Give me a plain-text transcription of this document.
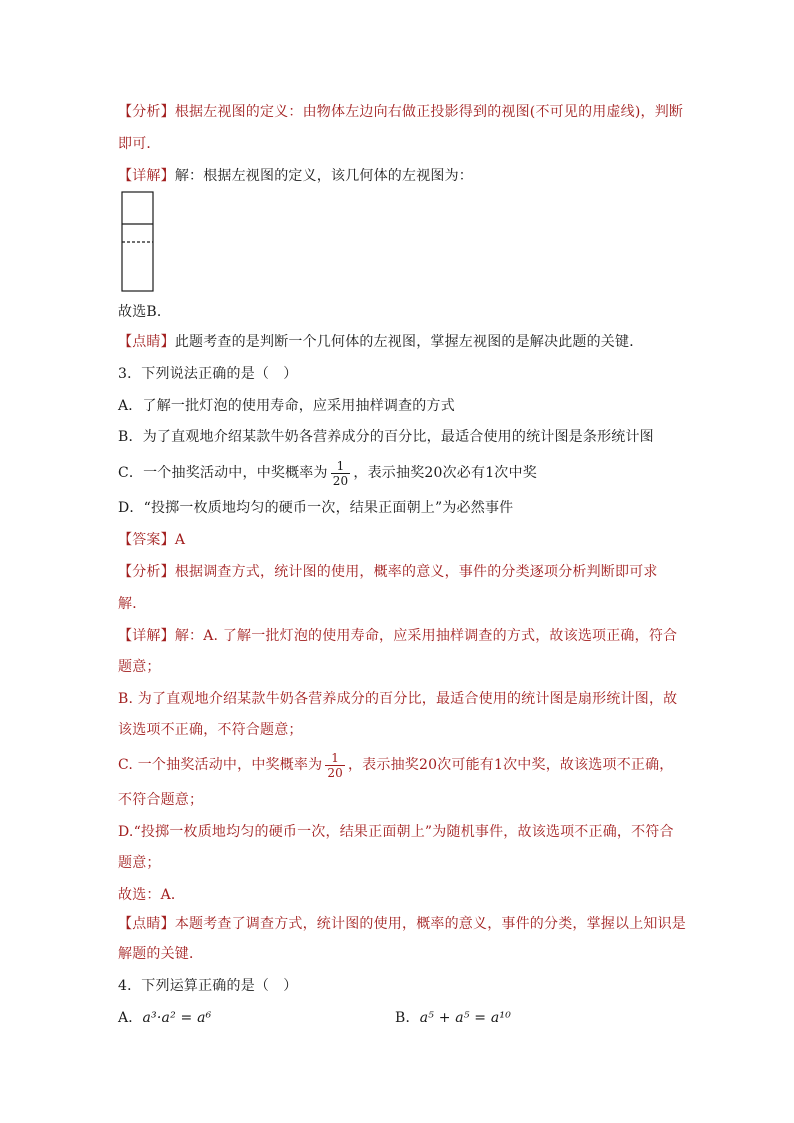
【分析】根据左视图的定义：由物体左边向右做正投影得到的视图(不可见的用虚线)，判断
即可．
【详解】解：根据左视图的定义，该几何体的左视图为：
故选B．
【点睛】此题考查的是判断一个几何体的左视图，掌握左视图的是解决此题的关键．
3．下列说法正确的是（　）
A．了解一批灯泡的使用寿命，应采用抽样调查的方式
B．为了直观地介绍某款牛奶各营养成分的百分比，最适合使用的统计图是条形统计图
C．一个抽奖活动中，中奖概率为 $\frac{1}{20}$ ，表示抽奖20次必有1次中奖
D．“投掷一枚质地均匀的硬币一次，结果正面朝上”为必然事件
【答案】A
【分析】根据调查方式，统计图的使用，概率的意义，事件的分类逐项分析判断即可求
解．
【详解】解：A. 了解一批灯泡的使用寿命，应采用抽样调查的方式，故该选项正确，符合
题意；
B. 为了直观地介绍某款牛奶各营养成分的百分比，最适合使用的统计图是扇形统计图，故
该选项不正确，不符合题意；
C. 一个抽奖活动中，中奖概率为 $\frac{1}{20}$ ，表示抽奖20次可能有1次中奖，故该选项不正确，
不符合题意；
D.“投掷一枚质地均匀的硬币一次，结果正面朝上”为随机事件，故该选项不正确，不符合
题意；
故选：A．
【点睛】本题考查了调查方式，统计图的使用，概率的意义，事件的分类，掌握以上知识是
解题的关键．
4．下列运算正确的是（　）
A．a³·a² = a⁶	B．a⁵ + a⁵ = a¹⁰
